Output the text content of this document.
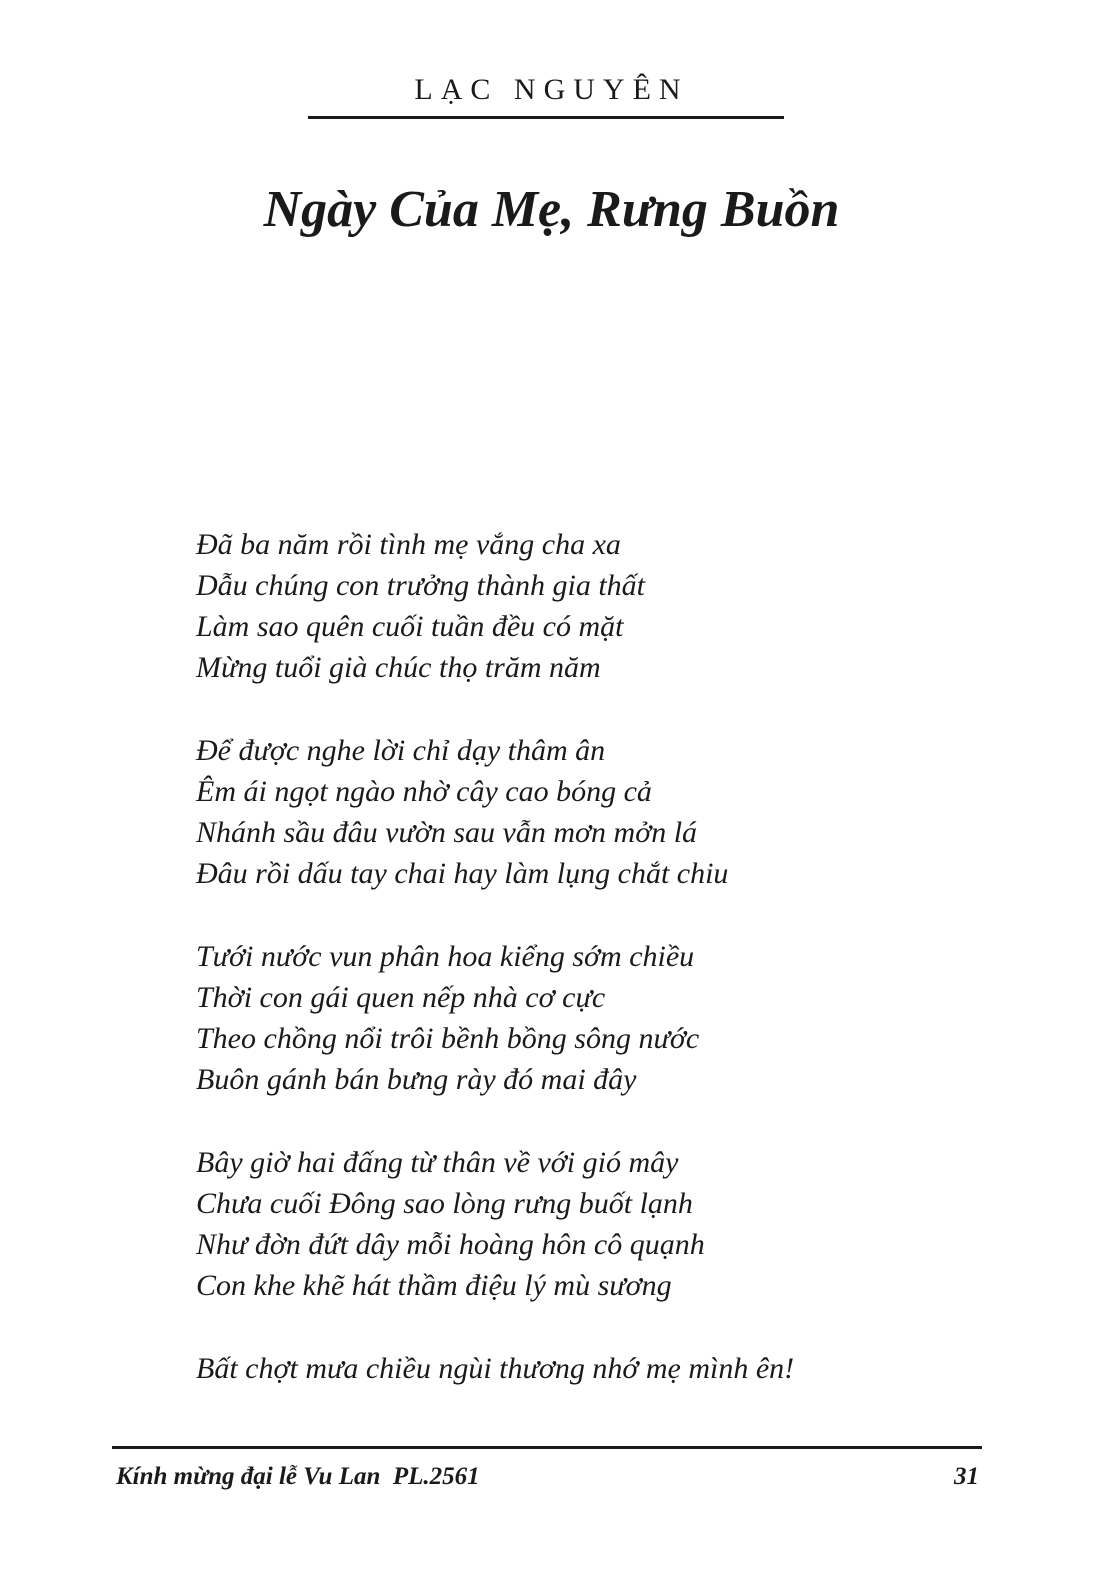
LẠC NGUYÊN
Ngày Của Mẹ, Rưng Buồn
Đã ba năm rồi tình mẹ vắng cha xa
Dẫu chúng con trưởng thành gia thất
Làm sao quên cuối tuần đều có mặt
Mừng tuổi già chúc thọ trăm năm
Để được nghe lời chỉ dạy thâm ân
Êm ái ngọt ngào nhờ cây cao bóng cả
Nhánh sầu đâu vườn sau vẫn mơn mởn lá
Đâu rồi dấu tay chai hay làm lụng chắt chiu
Tưới nước vun phân hoa kiểng sớm chiều
Thời con gái quen nếp nhà cơ cực
Theo chồng nổi trôi bềnh bồng sông nước
Buôn gánh bán bưng rày đó mai đây
Bây giờ hai đấng từ thân về với gió mây
Chưa cuối Đông sao lòng rưng buốt lạnh
Như đờn đứt dây mỗi hoàng hôn cô quạnh
Con khe khẽ hát thầm điệu lý mù sương
Bất chợt mưa chiều ngùi thương nhớ mẹ mình ên!
Kính mừng đại lễ Vu Lan  PL.2561	31
